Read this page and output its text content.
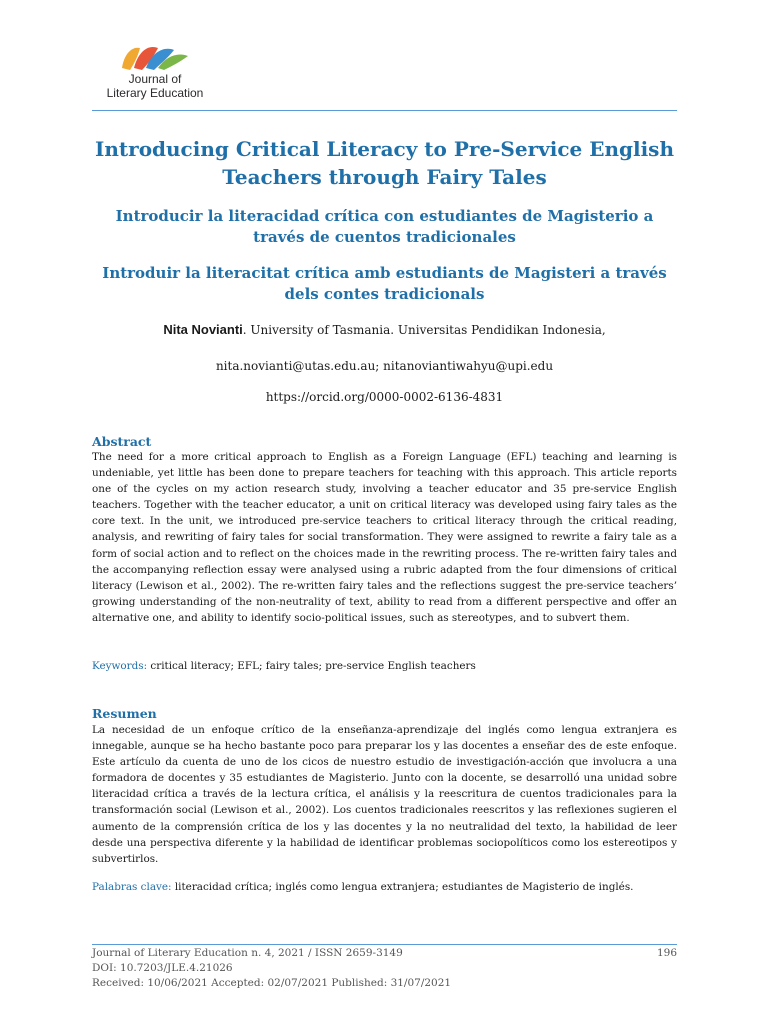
Journal of
Literary Education
Introducing Critical Literacy to Pre-Service English Teachers through Fairy Tales
Introducir la literacidad crítica con estudiantes de Magisterio a través de cuentos tradicionales
Introduir la literacitat crítica amb estudiants de Magisteri a través dels contes tradicionals
Nita Novianti. University of Tasmania. Universitas Pendidikan Indonesia,
nita.novianti@utas.edu.au; nitanoviantiwahyu@upi.edu
https://orcid.org/0000-0002-6136-4831
Abstract
The need for a more critical approach to English as a Foreign Language (EFL) teaching and learning is undeniable, yet little has been done to prepare teachers for teaching with this approach. This article reports one of the cycles on my action research study, involving a teacher educator and 35 pre-service English teachers. Together with the teacher educator, a unit on critical literacy was developed using fairy tales as the core text. In the unit, we introduced pre-service teachers to critical literacy through the critical reading, analysis, and rewriting of fairy tales for social transformation. They were assigned to rewrite a fairy tale as a form of social action and to reflect on the choices made in the rewriting process. The re-written fairy tales and the accompanying reflection essay were analysed using a rubric adapted from the four dimensions of critical literacy (Lewison et al., 2002). The re-written fairy tales and the reflections suggest the pre-service teachers’ growing understanding of the non-neutrality of text, ability to read from a different perspective and offer an alternative one, and ability to identify socio-political issues, such as stereotypes, and to subvert them.
Keywords: critical literacy; EFL; fairy tales; pre-service English teachers
Resumen
La necesidad de un enfoque crítico de la enseñanza-aprendizaje del inglés como lengua extranjera es innegable, aunque se ha hecho bastante poco para preparar los y las docentes a enseñar des de este enfoque. Este artículo da cuenta de uno de los cicos de nuestro estudio de investigación-acción que involucra a una formadora de docentes y 35 estudiantes de Magisterio. Junto con la docente, se desarrolló una unidad sobre literacidad crítica a través de la lectura crítica, el análisis y la reescritura de cuentos tradicionales para la transformación social (Lewison et al., 2002). Los cuentos tradicionales reescritos y las reflexiones sugieren el aumento de la comprensión crítica de los y las docentes y la no neutralidad del texto, la habilidad de leer desde una perspectiva diferente y la habilidad de identificar problemas sociopolíticos como los estereotipos y subvertirlos.
Palabras clave: literacidad crítica; inglés como lengua extranjera; estudiantes de Magisterio de inglés.
Journal of Literary Education n. 4, 2021 / ISSN 2659-3149	196
DOI: 10.7203/JLE.4.21026
Received: 10/06/2021 Accepted: 02/07/2021 Published: 31/07/2021
